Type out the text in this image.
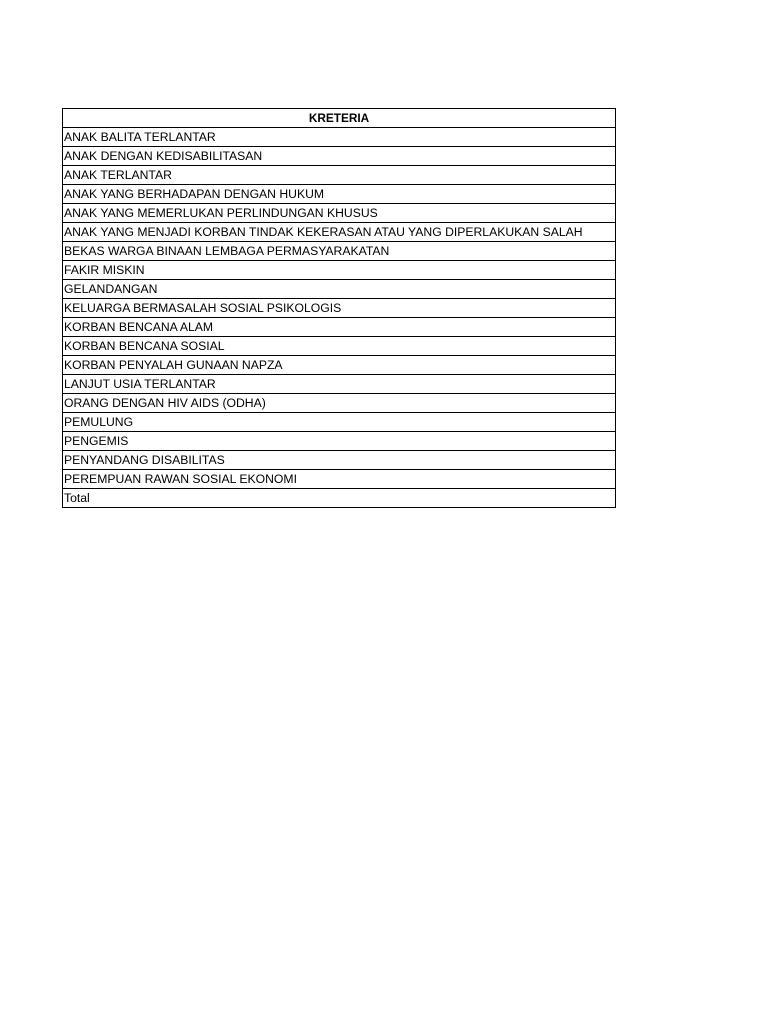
KRETERIA
ANAK BALITA TERLANTAR
ANAK DENGAN KEDISABILITASAN
ANAK TERLANTAR
ANAK YANG BERHADAPAN DENGAN HUKUM
ANAK YANG MEMERLUKAN PERLINDUNGAN KHUSUS
ANAK YANG MENJADI KORBAN TINDAK KEKERASAN ATAU YANG DIPERLAKUKAN SALAH
BEKAS WARGA BINAAN LEMBAGA PERMASYARAKATAN
FAKIR MISKIN
GELANDANGAN
KELUARGA BERMASALAH SOSIAL PSIKOLOGIS
KORBAN BENCANA ALAM
KORBAN BENCANA SOSIAL
KORBAN PENYALAH GUNAAN NAPZA
LANJUT USIA TERLANTAR
ORANG DENGAN HIV AIDS (ODHA)
PEMULUNG
PENGEMIS
PENYANDANG DISABILITAS
PEREMPUAN RAWAN SOSIAL EKONOMI
Total
